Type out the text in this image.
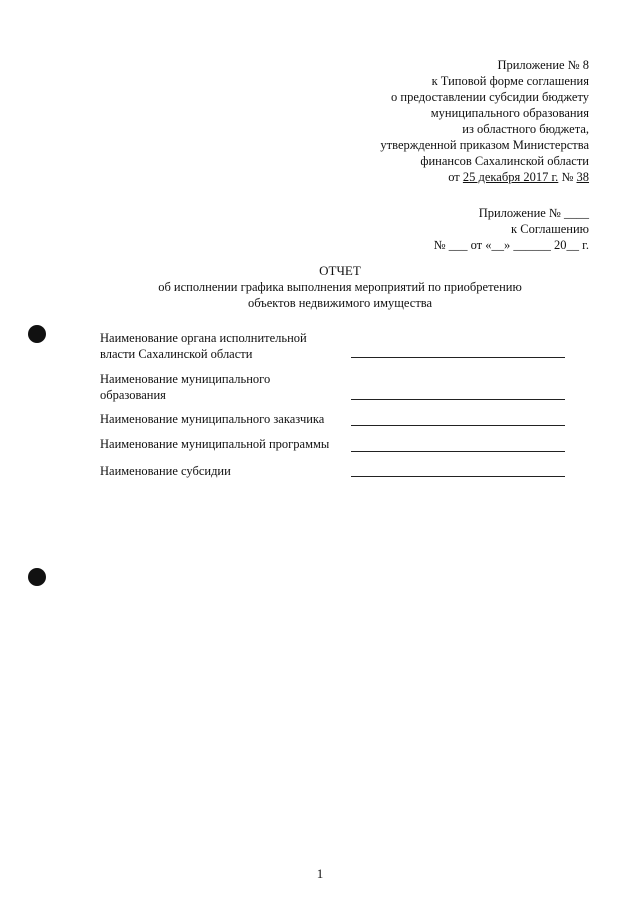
Приложение № 8
к Типовой форме соглашения
о предоставлении субсидии бюджету
муниципального образования
из областного бюджета,
утвержденной приказом Министерства
финансов Сахалинской области
от 25 декабря 2017 г. № 38
Приложение № ____
к Соглашению
№ ___ от «__» ______ 20__ г.
ОТЧЕТ
об исполнении графика выполнения мероприятий по приобретению
объектов недвижимого имущества
Наименование органа исполнительной
власти Сахалинской области
Наименование муниципального
образования
Наименование муниципального заказчика
Наименование муниципальной программы
Наименование субсидии
1
